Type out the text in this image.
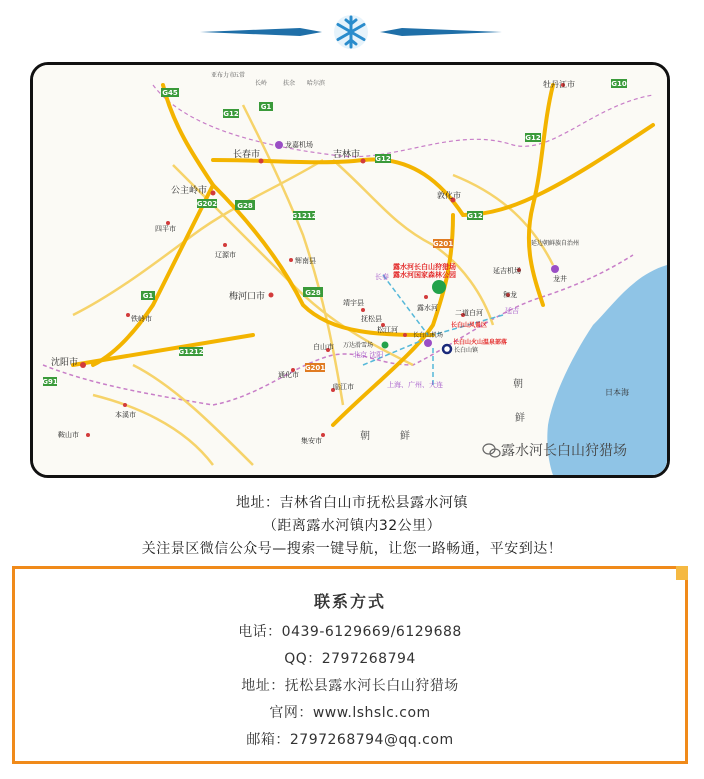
G45
G1
G12
G1
G12
G202
G12
G28
G1212
G201
G28
G12
G10
G1212
G91
G201
亚布力市
五常
长岭	扶余 哈尔滨
长春市	吉林市
公主岭市
四平市
辽源市
辉南县
梅河口市
敦化市
延吉机场
铁岭市
沈阳市
本溪市
鞍山市
通化市
白山市
临江市
集安市
靖宇县
抚松县
松江河
露水河
二道白河
牡丹江市
龙井
和龙
延边朝鲜族自治州
龙嘉机场
长白山机场
长白山镇
露水河长白山狩猎场
露水河国家森林公园
长白山风景区
长白山火山温泉部落
万达滑雪场
长春
延吉
北京 沈阳
上海、广州、大连	朝
鲜
朝	鲜
日本海
露水河长白山狩猎场
地址：吉林省白山市抚松县露水河镇
（距离露水河镇内32公里）
关注景区微信公众号—搜索一键导航，让您一路畅通，平安到达！
联系方式
电话：0439-6129669/6129688
QQ：2797268794
地址：抚松县露水河长白山狩猎场
官网：www.lshslc.com
邮箱：2797268794@qq.com
